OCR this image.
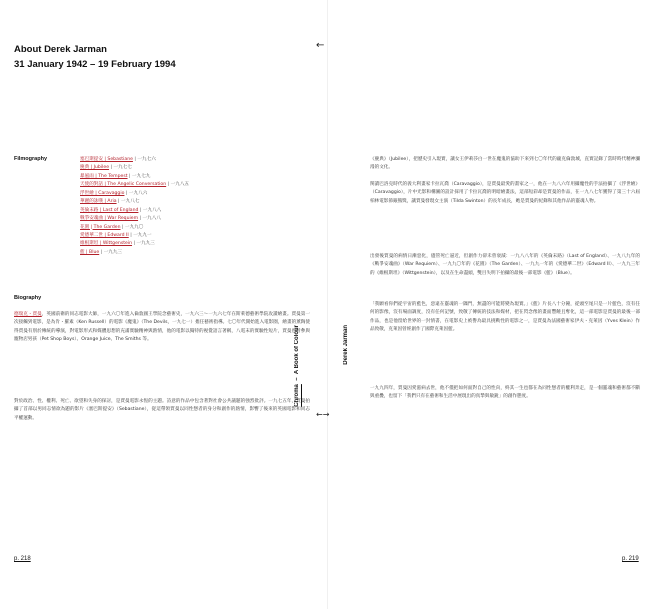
About Derek Jarman
31 January 1942 – 19 February 1994
←
Filmography	塞巴斯提安 | Sebastiane | 一九七六
慶典 | Jubilee | 一九七七
暴風雨 | The Tempest | 一九七九
天使的對話 | The Angelic Conversation | 一九八五
浮世繪 | Caravaggio | 一九八六
華麗的詠嘆 | Aria | 一九八七
英倫末路 | Last of England | 一九八八
戰爭安魂曲 | War Requiem | 一九八八
花園 | The Garden | 一九九〇
愛德華二世 | Edward II | 一九九一
維根斯坦 | Wittgenstein | 一九九三
藍 | Blue | 一九九三
Biography

德瑞克・賈曼，英國前衛的同志電影大師，一九六〇年進入倫敦國王學院念藝術史，一九六三～一九六七年在斯萊德藝術學院攻讀繪畫。賈曼第一次接觸到電影，是為肯・羅素（Ken Russell）的電影《魔鬼》（The Devils，一九七一）擔任藝術指導。七〇年代開始進入電影圈，繪畫的薰陶使得賈曼有別於傳統的導演，對電影形式和媒體思想的充滿實驗精神與熱情，他的電影以獨特的視覺語言著稱，八電末的實驗性短片，賈曼也曾參與寵物店男孩（Pet Shop Boys）、Orange Juice、The Smiths 等。

對於政治、性、權利、死亡、欲望和失身的探討，是賈曼電影永恆的主題。詩意的作品中包含著對社會公共議題的強烈批評。一九七五年，賈曼拍攝了首部以男同志情欲為題的影片《塞巴斯提安》（Sebastiane），從這帶領賈曼以同性戀者的身分和創作的熱情，影響了後來的英國電影和同志平權運動。

Chroma  –  A Book of Colour
←→
Derek Jarman

《慶典》（Jubilee），把歷史引入現實，讓女王伊莉莎白一世在魔鬼的協助下來到七〇年代的龐克倫敦城，直實記錄了當時時代精神瀰漫的文化。

関讀巴洛克時代的義大利畫家卡拉瓦喬（Caravaggio），是賈曼最愛的畫家之一，他在一九八六年用攝魔性的手法拍攝了《浮世繪》（Caravaggio），片中光影和構圖的設計採用了卡拉瓦喬的明暗繪畫法，這部短彩却是賈曼的作品，在一九八七年獲得了第三十六屆柏林電影節銀熊獎，讓賈曼發現女主演（Tilda Swinton）的長年成長，她是賈曼的紀錄和其他作品的靈魂人物。

出發後賈曼的病情日漸惡化，儘管死亡逼近，但創作力卻未曾衰減：一九八八年的《英倫末路》（Last of England）、一九八九年的《戰爭安魂曲》（War Requiem）、一九九〇年的《花園》（The Garden）、一九九一年的《愛德華二世》（Edward II）、一九九三年的《維根斯坦》（Wittgenstein），以及在生命盡頭，雙目失明下拍攝的最後一部電影《藍》（Blue）。

「我願看你們從宇宙的藍色，惡遠在靈魂的一隅門，無盡的可能將變為現實。」《藍》片長八十分鐘，從頭至尾只是一片藍色，沒有任何的影像，沒有場面調度，沒有任何記號，致敬了傳統的技法和媒材，把在閃念像的畫面豐饒且奪化，這一部電影是賈曼的最後一部作品，也是他留給世界的一封情書，在電影史上被譽為最具挑戰性的電影之一，是賈曼為法國藝術家伊夫・克萊因（Yves Klein）作品致敬，克萊因曾經創作了國際克萊因藍。

一九九四年，賈曼因愛滋病去世，他不僅把如何面對自己的性向，終其一生也都在為同性戀者的權利奔走，是一個靈魂和藝術都不斷與重疊，也留下「我們只有在藝術和生活中展現出的真摯與敏銳」的創作態度。

p. 218	p. 219
